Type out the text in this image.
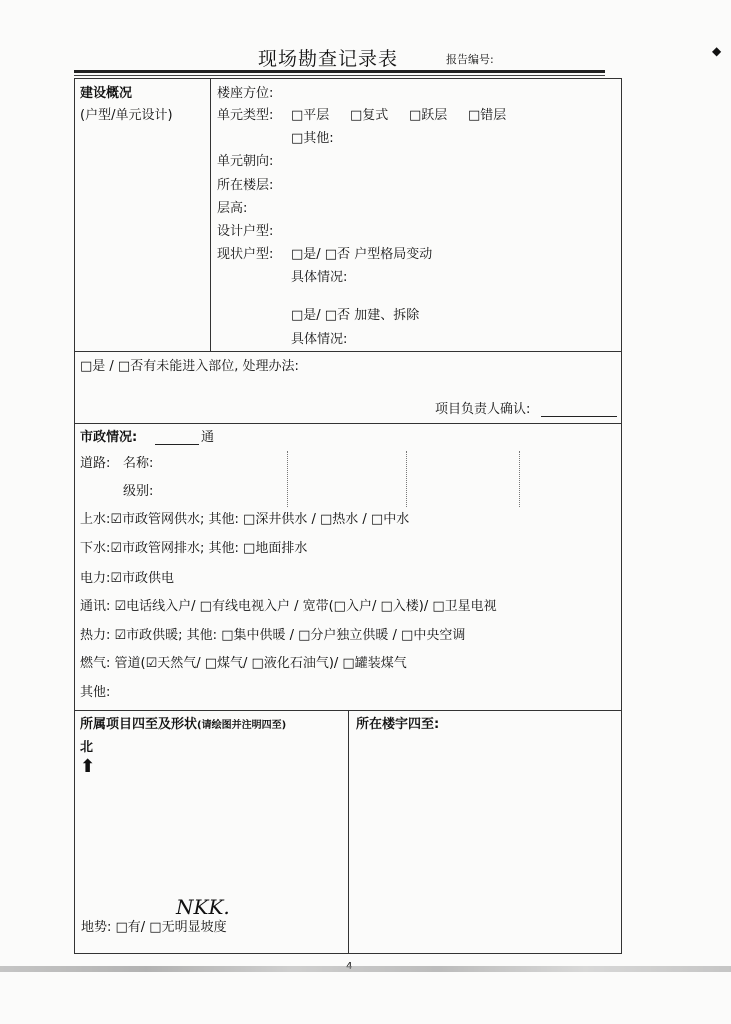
现场勘查记录表	报告编号:
◆
建设概况
(户型/单元设计)
楼座方位:
单元类型: □平层 □复式 □跃层 □错层
□其他:
单元朝向:
所在楼层:
层高:
设计户型:
现状户型: □是/ □否 户型格局变动
具体情况:
□是/ □否 加建、拆除
具体情况:
□是 / □否有未能进入部位, 处理办法:
项目负责人确认:
市政情况:	通
道路: 名称:
级别:
上水:☑市政管网供水; 其他: □深井供水 / □热水 / □中水
下水:☑市政管网排水; 其他: □地面排水
电力:☑市政供电
通讯: ☑电话线入户/ □有线电视入户 / 宽带(□入户/ □入楼)/ □卫星电视
热力: ☑市政供暖; 其他: □集中供暖 / □分户独立供暖 / □中央空调
燃气: 管道(☑天然气/ □煤气/ □液化石油气)/ □罐装煤气
其他:
所属项目四至及形状(请绘图并注明四至)	所在楼宇四至:
北
地势: □有/ □无明显坡度
⬆
NKK.
